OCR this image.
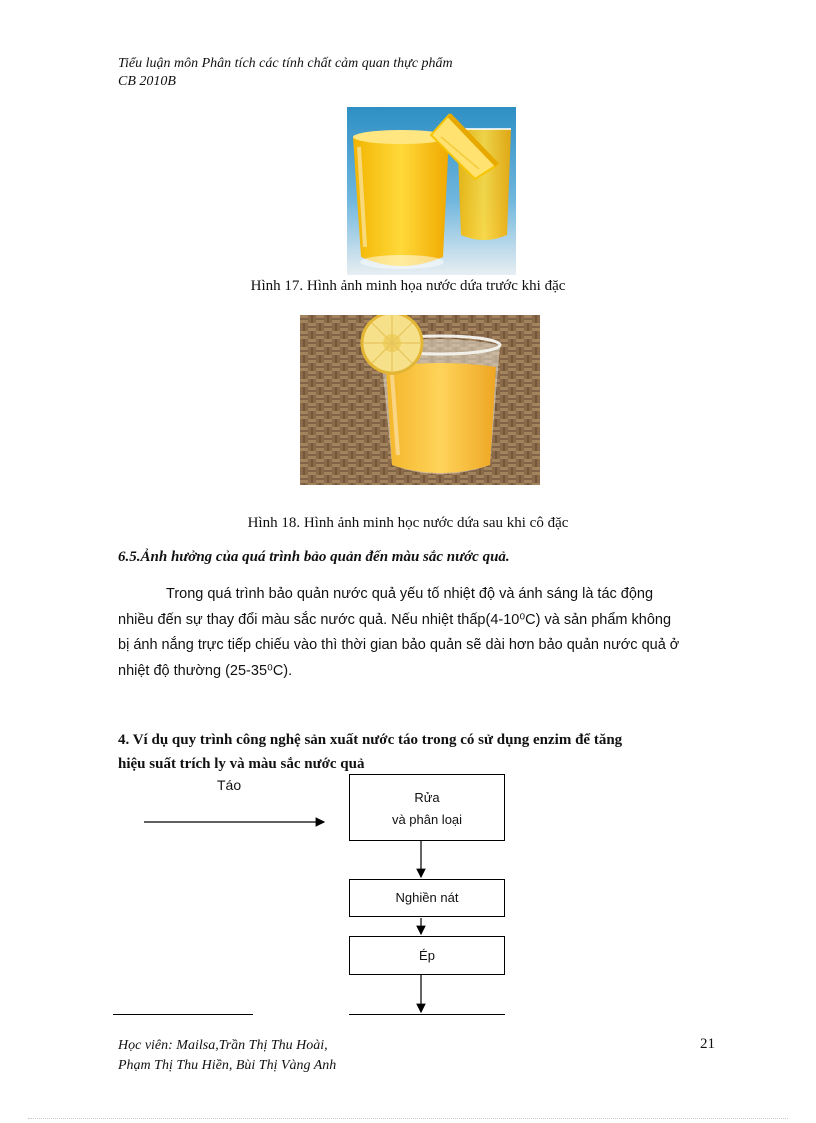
Tiểu luận môn Phân tích các tính chất cảm quan thực phẩm
CB 2010B
Hình 17. Hình ảnh minh họa nước dứa trước khi đặc
Hình 18. Hình ảnh minh học nước dứa sau khi cô đặc
6.5.Ảnh hưởng của quá trình bảo quản đến màu sắc nước quả.
Trong quá trình bảo quản nước quả yếu tố nhiệt độ và ánh sáng là tác động
nhiều đến sự thay đổi màu sắc nước quả. Nếu nhiệt thấp(4-10⁰C) và sản phẩm không
bị ánh nắng trực tiếp chiếu vào thì thời gian bảo quản sẽ dài hơn bảo quản nước quả ở
nhiệt độ thường (25-35⁰C).
4. Ví dụ quy trình công nghệ sản xuất nước táo trong có sử dụng enzim để tăng
hiệu suất trích ly và màu sắc nước quả
Táo
Rửa
và phân loại
Nghiền nát
Ép
Học viên: Mailsa,Trần Thị Thu Hoài,
Phạm Thị Thu Hiền, Bùi Thị Vàng Anh
21
